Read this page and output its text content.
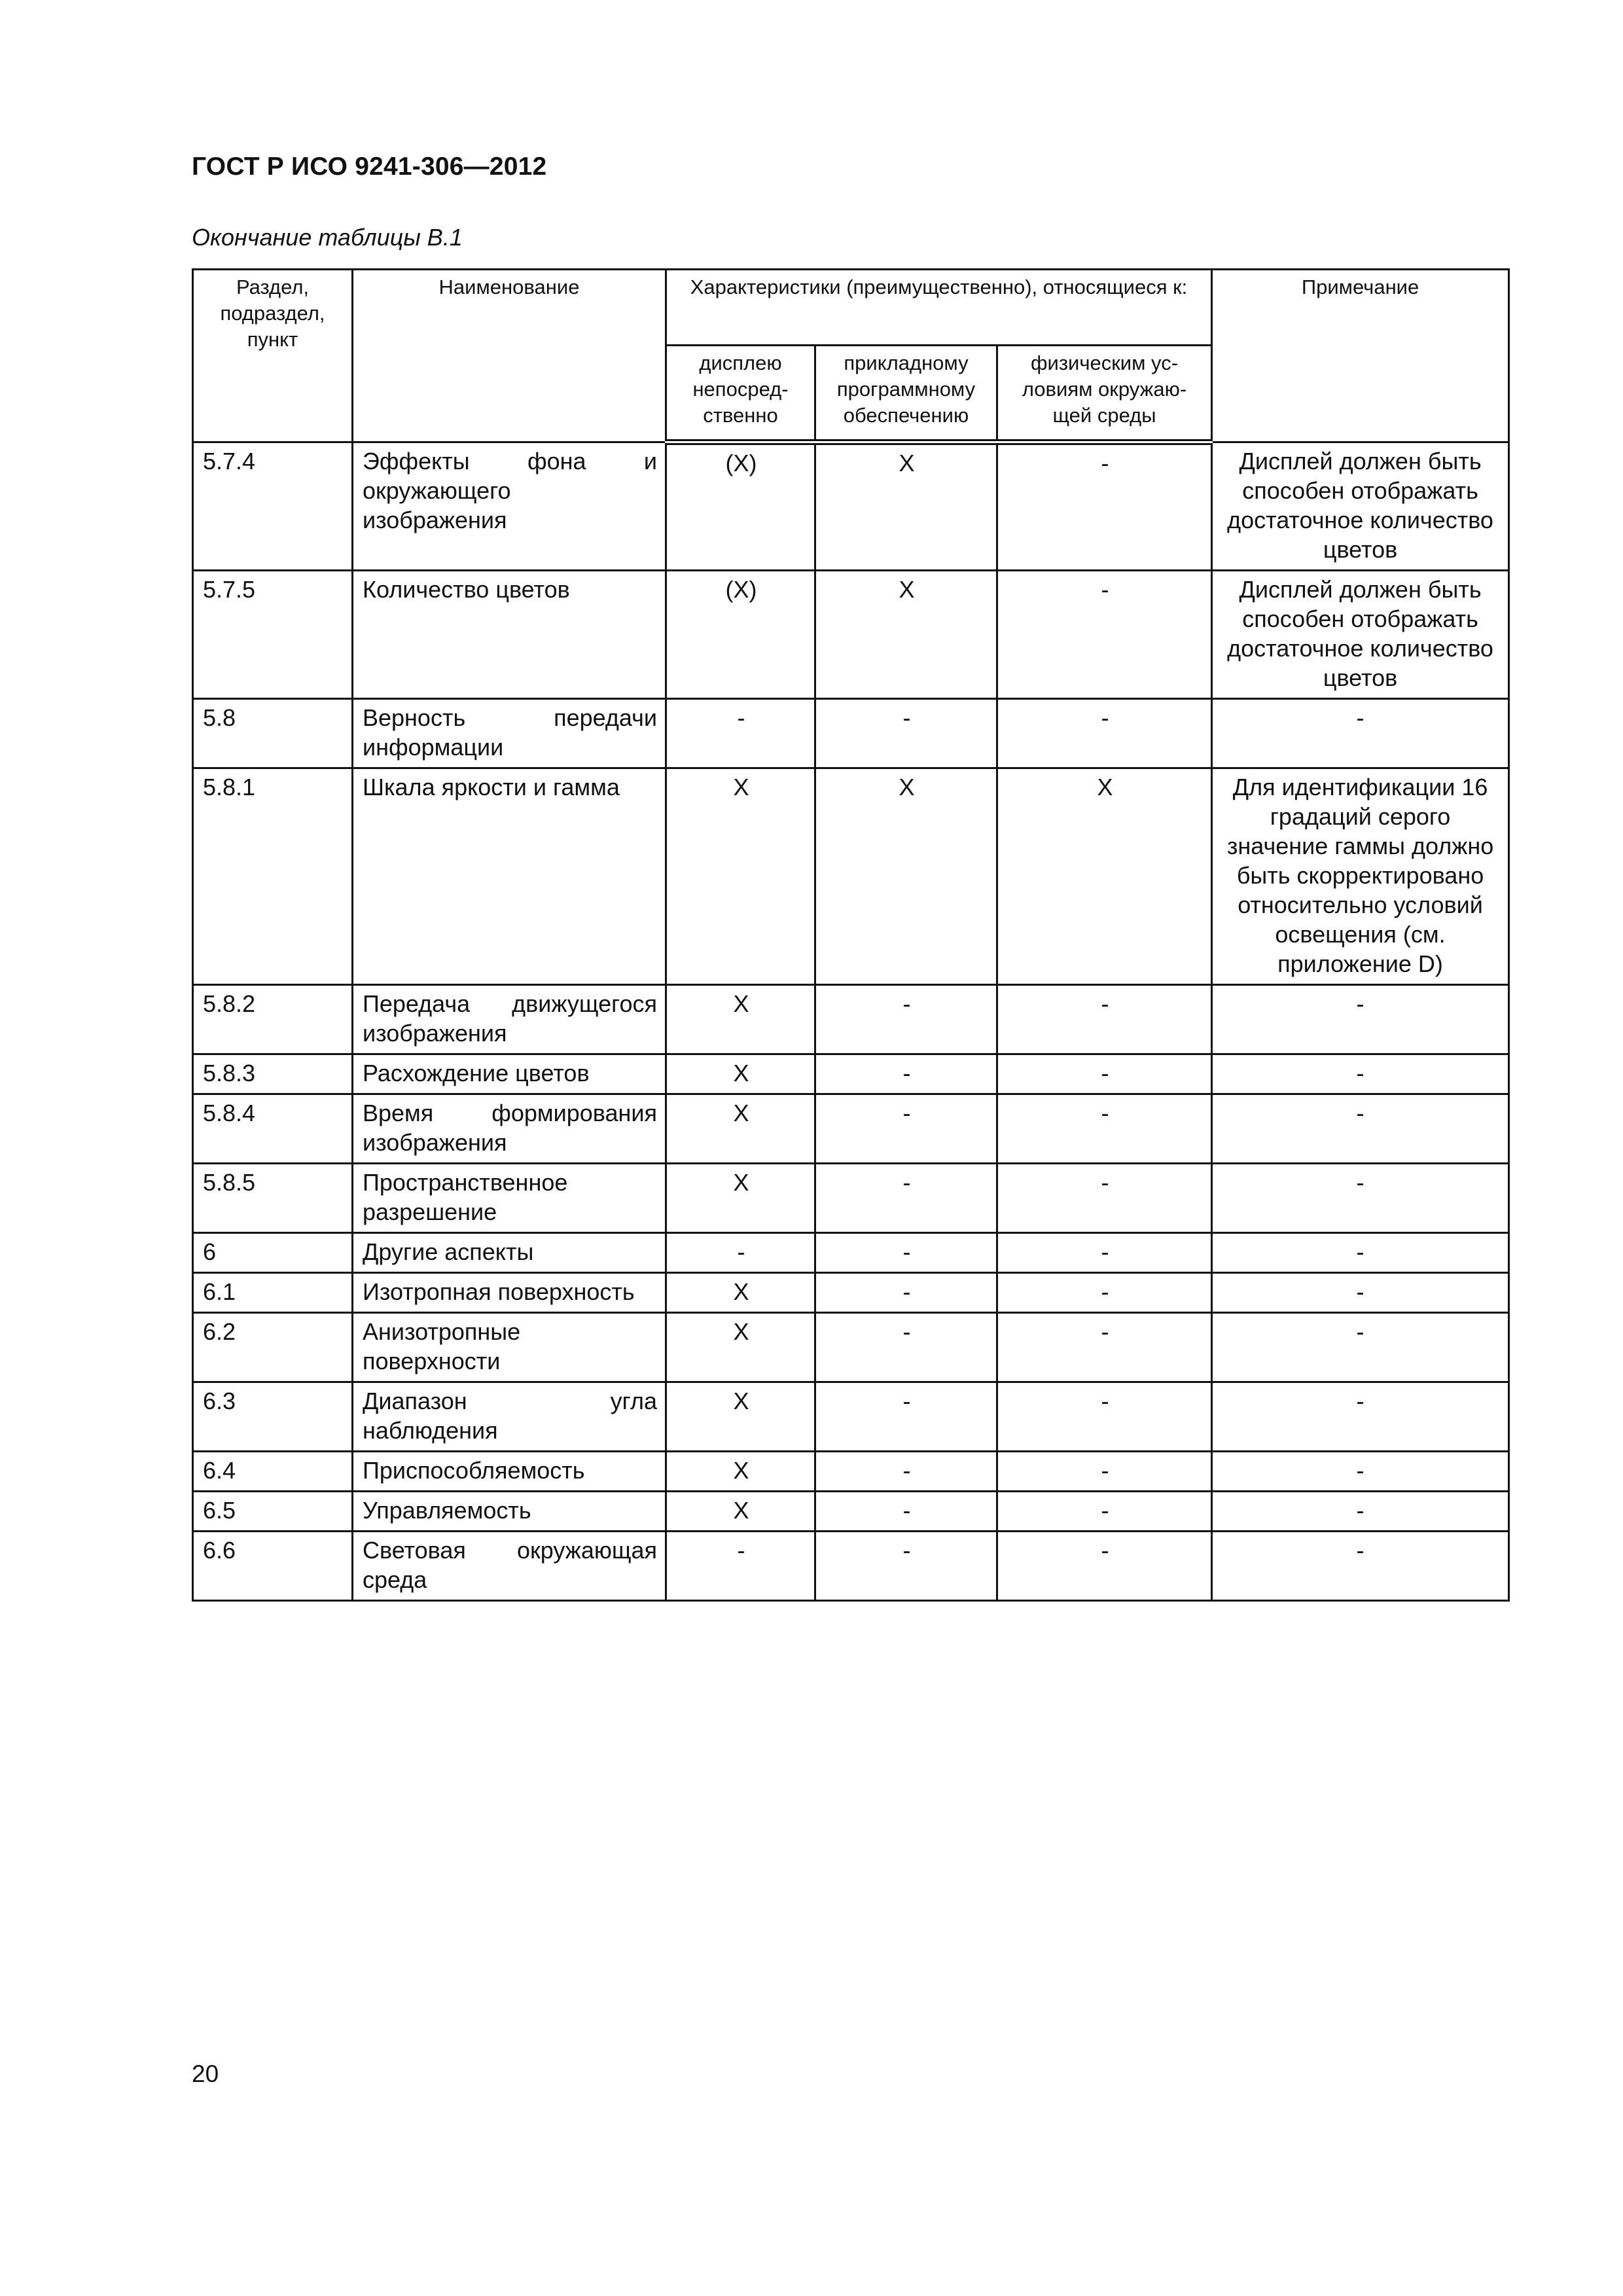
ГОСТ Р ИСО 9241-306—2012
Окончание таблицы В.1
Раздел, подраздел, пункт	Наименование	Характеристики (преимущественно), относящиеся к:			Примечание
		дисплею непосред-ственно	прикладному программному обеспечению	физическим ус-ловиям окружаю-щей среды	
5.7.4	Эффекты фона и окружающего изображения	(X)	X	-	Дисплей должен быть способен отображать достаточное количество цветов
5.7.5	Количество цветов	(X)	X	-	Дисплей должен быть способен отображать достаточное количество цветов
5.8	Верность передачи информации	-	-	-	-
5.8.1	Шкала яркости и гамма	X	X	X	Для идентификации 16 градаций серого значение гаммы должно быть скорректировано относительно условий освещения (см. приложение D)
5.8.2	Передача движущегося изображения	X	-	-	-
5.8.3	Расхождение цветов	X	-	-	-
5.8.4	Время формирования изображения	X	-	-	-
5.8.5	Пространственное разрешение	X	-	-	-
6	Другие аспекты	-	-	-	-
6.1	Изотропная поверхность	X	-	-	-
6.2	Анизотропные поверхности	X	-	-	-
6.3	Диапазон угла наблюдения	X	-	-	-
6.4	Приспособляемость	X	-	-	-
6.5	Управляемость	X	-	-	-
6.6	Световая окружающая среда	-	-	-	-
20
